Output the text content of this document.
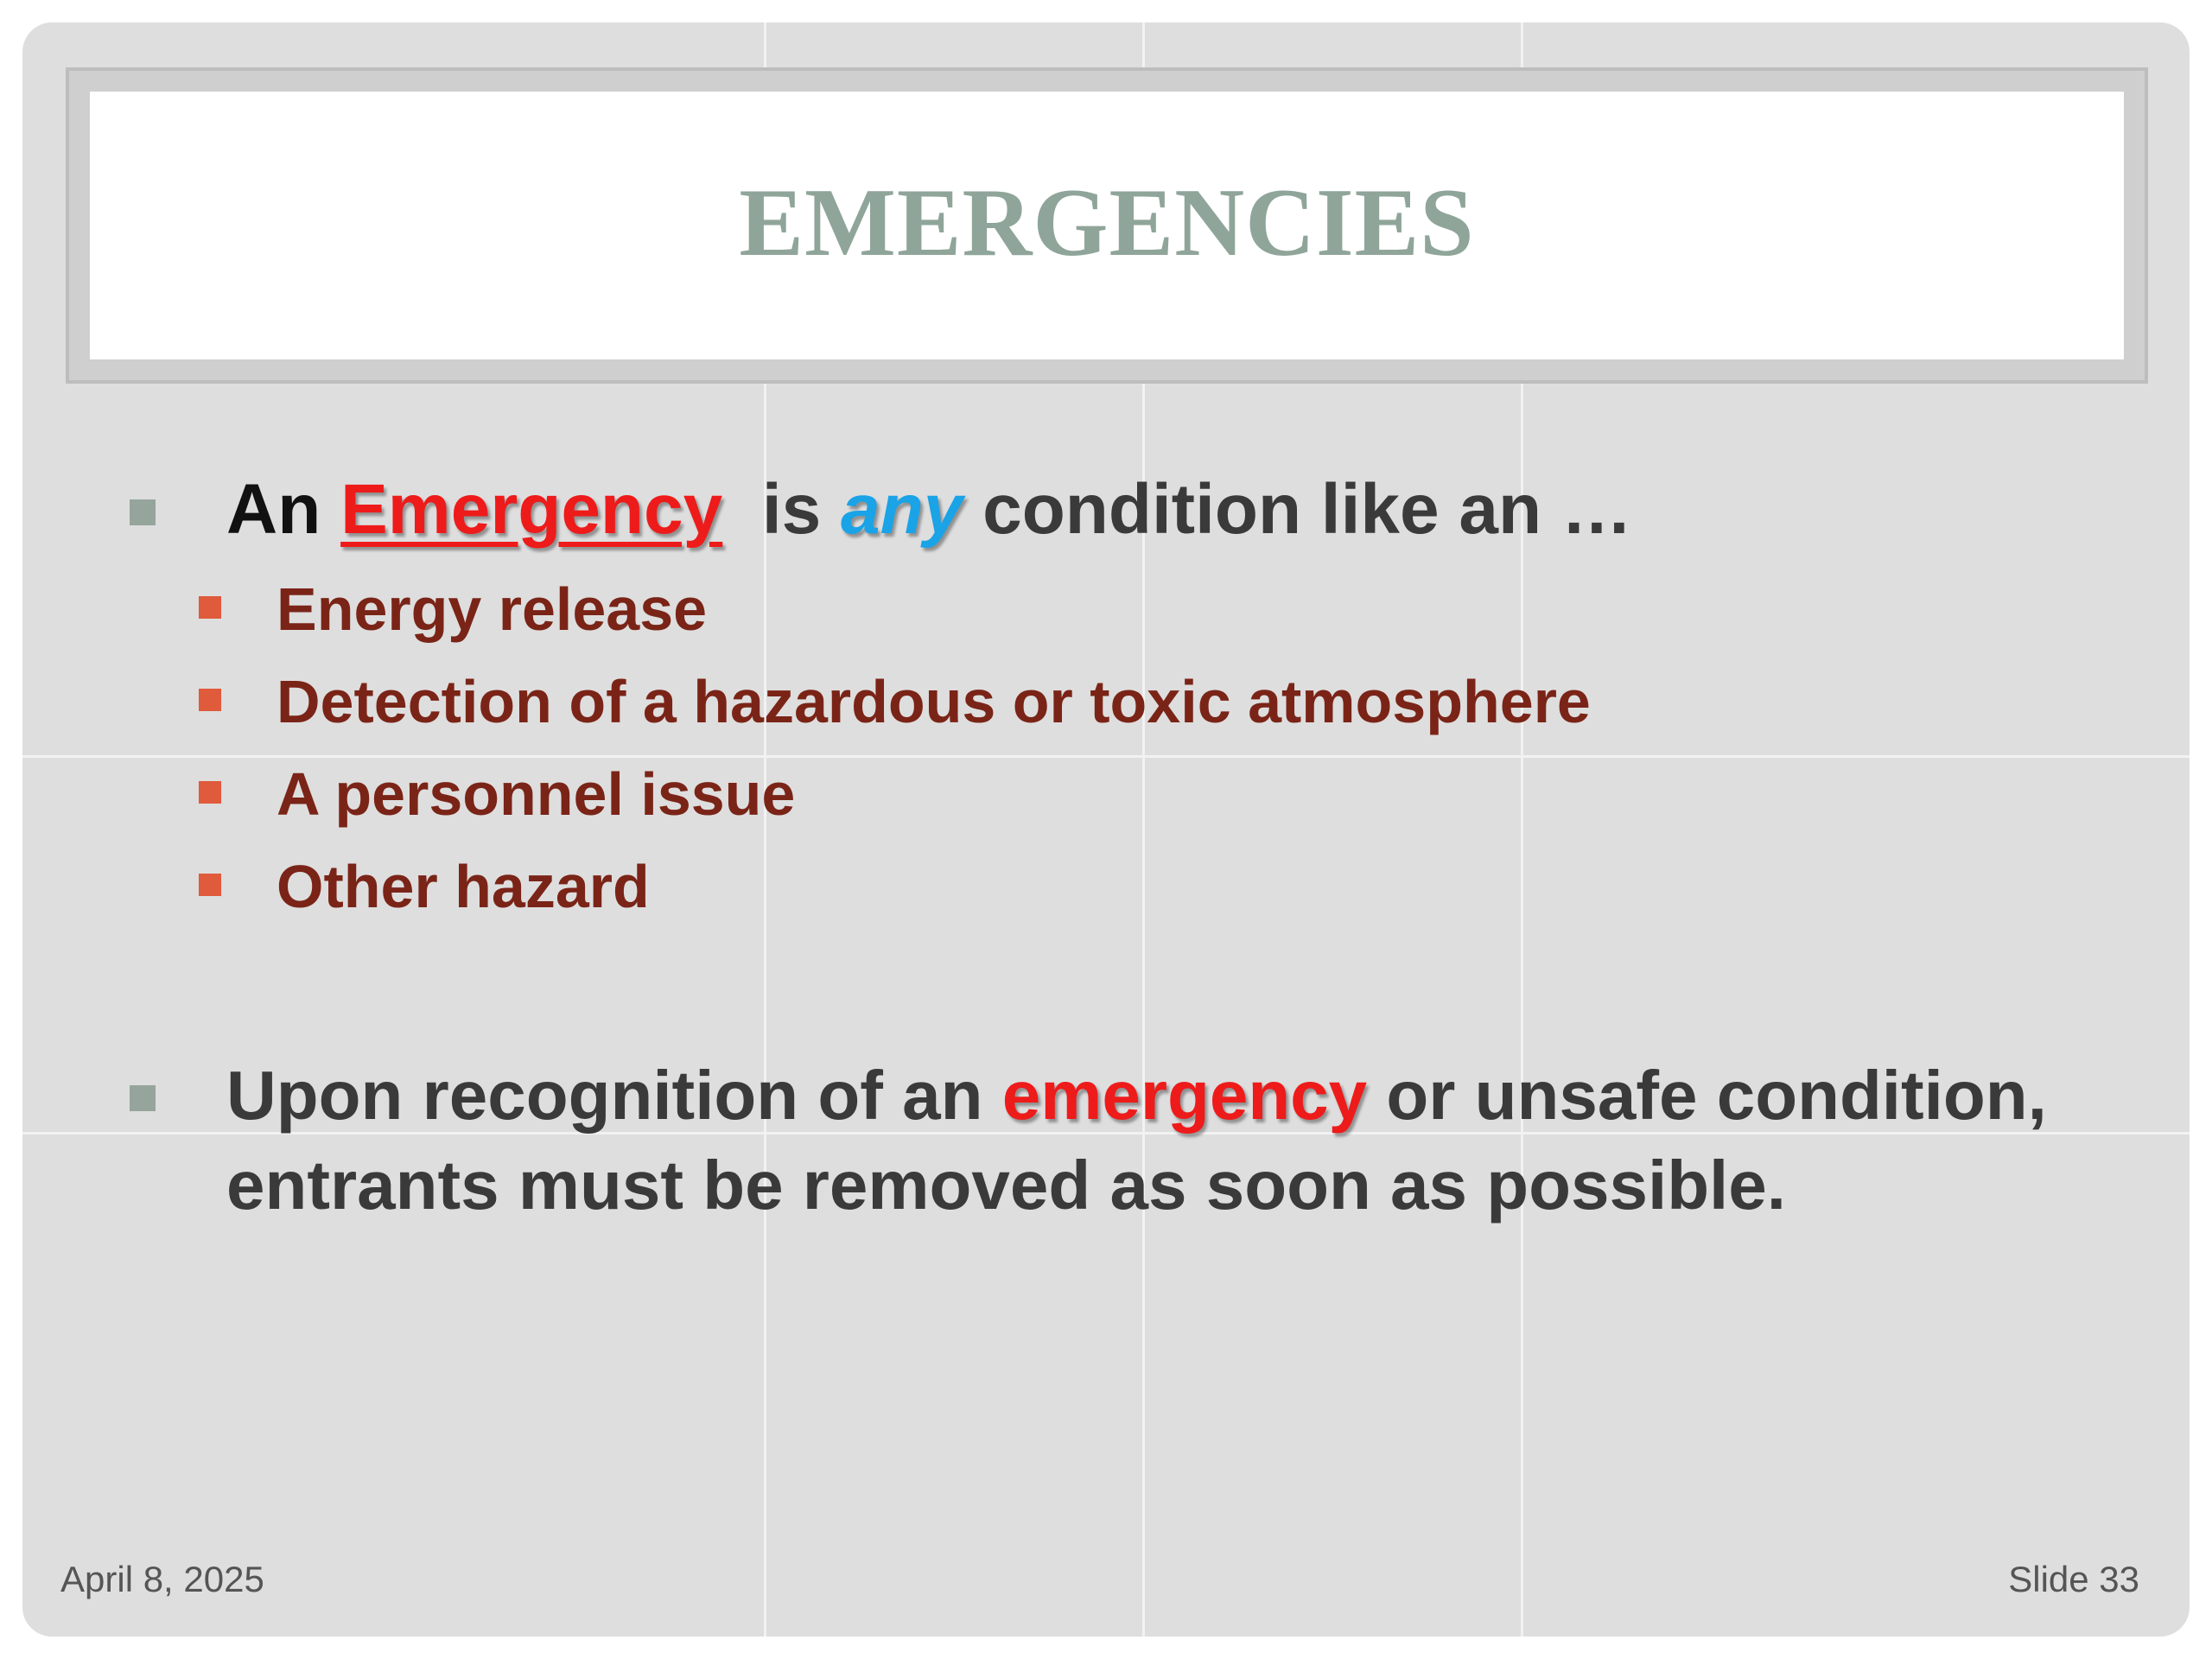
EMERGENCIES
An Emergency is any condition like an …
Energy release
Detection of a hazardous or toxic atmosphere
A personnel issue
Other hazard
Upon recognition of an emergency or unsafe condition, entrants must be removed as soon as possible.
April 8, 2025	Slide 33
